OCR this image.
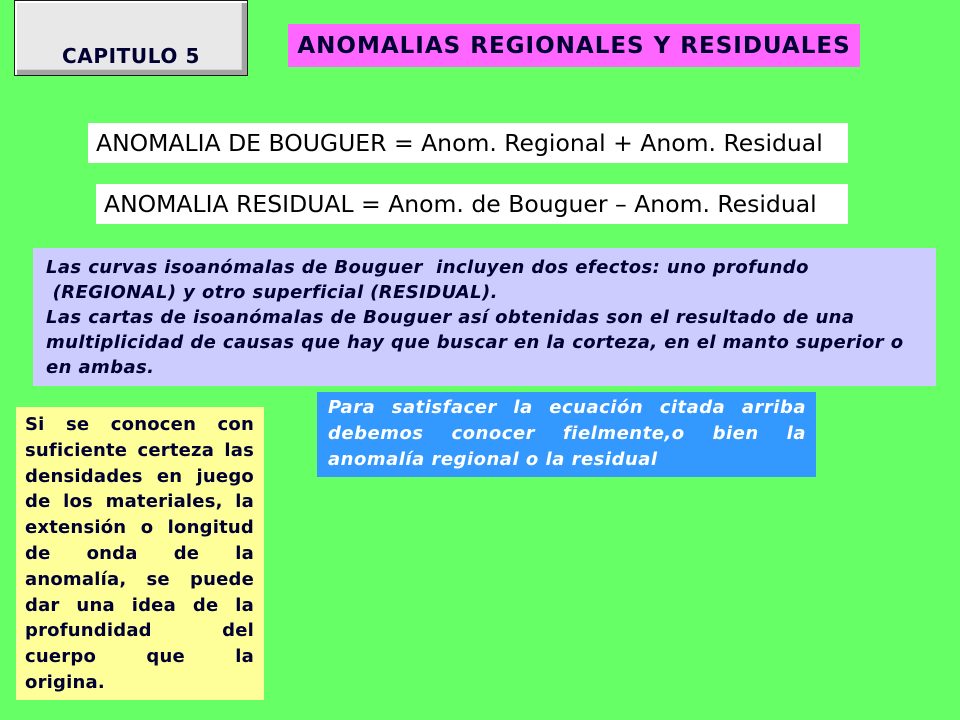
CAPITULO 5	ANOMALIAS REGIONALES Y RESIDUALES
ANOMALIA DE BOUGUER = Anom. Regional + Anom. Residual
ANOMALIA RESIDUAL = Anom. de Bouguer – Anom. Residual
Las curvas isoanómalas de Bouguer  incluyen dos efectos: uno profundo
(REGIONAL) y otro superficial (RESIDUAL).
Las cartas de isoanómalas de Bouguer así obtenidas son el resultado de una
multiplicidad de causas que hay que buscar en la corteza, en el manto superior o
en ambas.
Para satisfacer la ecuación citada arriba
debemos conocer fielmente,o bien la
anomalía regional o la residual
Si se conocen con
suficiente certeza las
densidades en juego
de los materiales, la
extensión o longitud
de onda de la
anomalía, se puede
dar una idea de la
profundidad del
cuerpo que la
origina.
